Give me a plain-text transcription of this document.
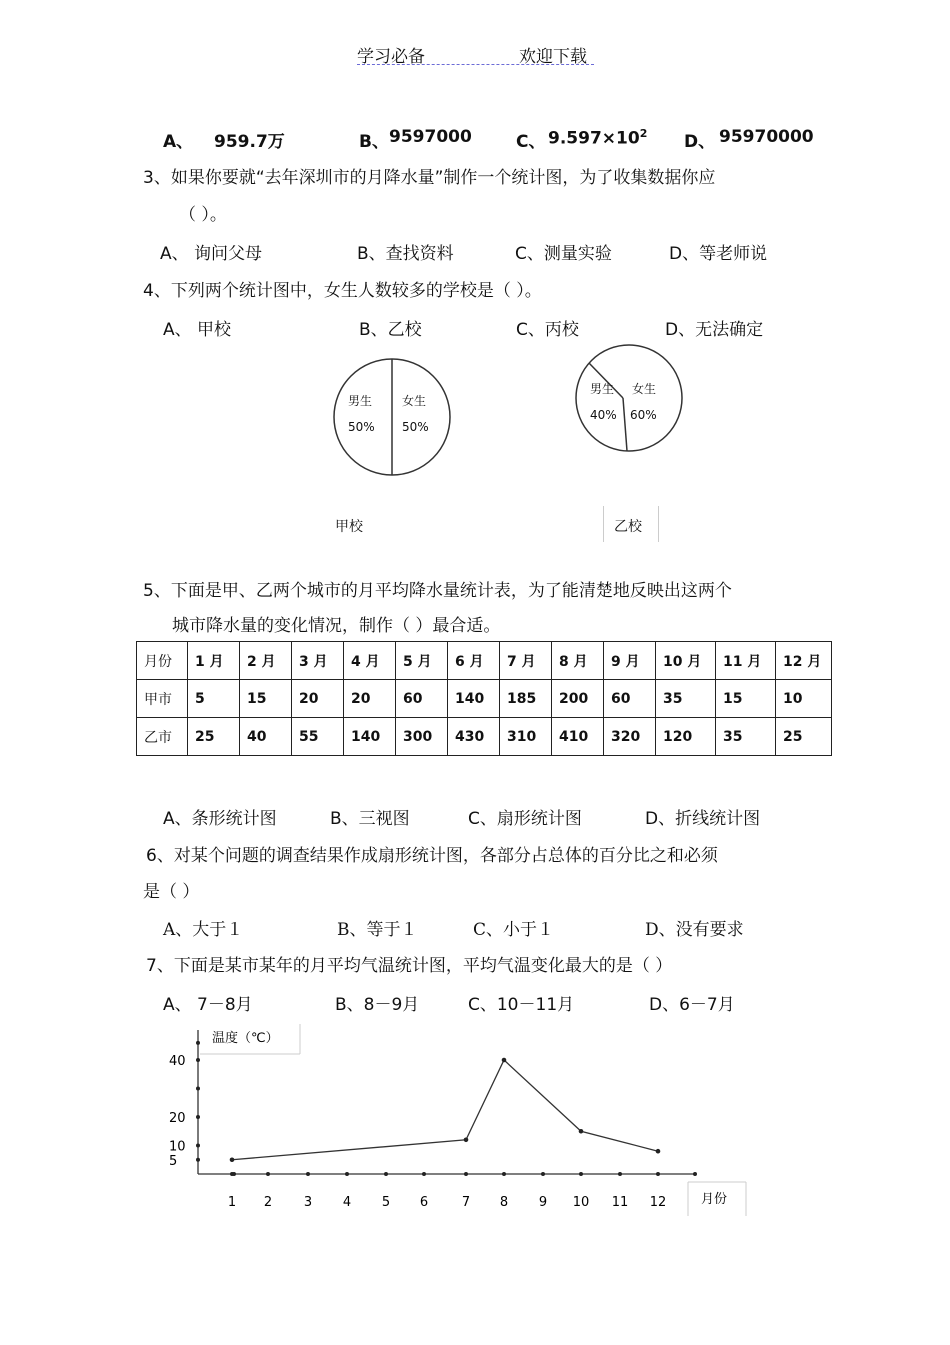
学习必备	欢迎下载
A、 959.7万	B、 9597000	C、 $9.597\times 10^2$ D、 95970000
3、如果你要就“去年深圳市的月降水量”制作一个统计图，为了收集数据你应
（ ）。
A、 询问父母	B、查找资料	C、测量实验	D、等老师说
4、下列两个统计图中，女生人数较多的学校是（ ）。
A、 甲校	B、乙校	C、丙校	D、无法确定
男生
50%
女生
50%
甲校
男生
40%
女生
60%
乙校
5、下面是甲、乙两个城市的月平均降水量统计表，为了能清楚地反映出这两个
城市降水量的变化情况，制作（ ）最合适。
月份	1 月	2 月	3 月	4 月	5 月	6 月	7 月	8 月	9 月	10 月	11 月	12 月
甲市	5	15	20	20	60	140	185	200	60	35	15	10
乙市	25	40	55	140	300	430	310	410	320	120	35	25
A、条形统计图	B、三视图	C、扇形统计图	D、折线统计图
6、对某个问题的调查结果作成扇形统计图，各部分占总体的百分比之和必须
是（ ）
A、大于１	B、等于１	C、小于１	D、没有要求
7、下面是某市某年的月平均气温统计图，平均气温变化最大的是（ ）
A、 7－8月	B、8－9月	C、10－11月	D、6－7月
温度（℃）
月份
5
10
20
40
1 2 3 4 5 6	7 8 9 10 11 12
